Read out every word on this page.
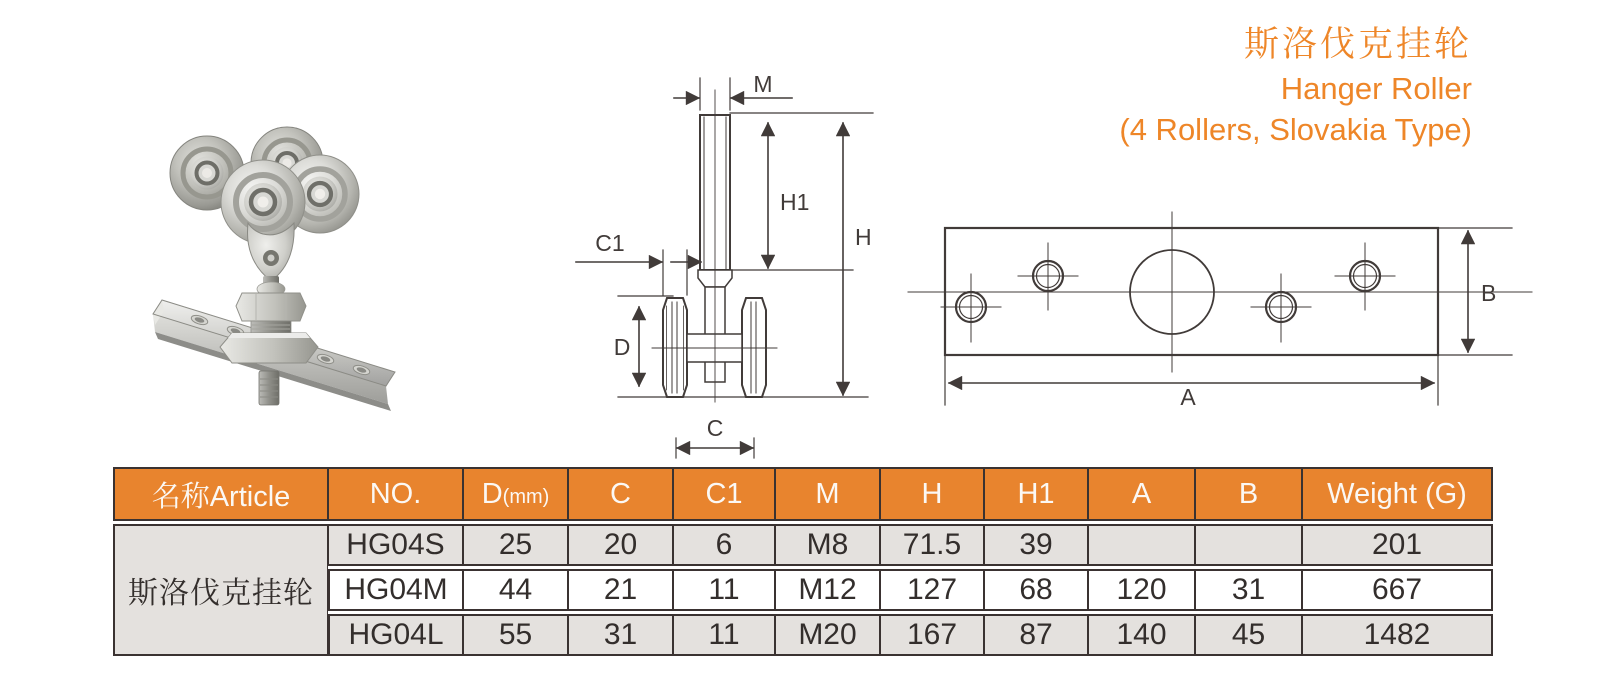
斯洛伐克挂轮
Hanger Roller
(4 Rollers, Slovakia Type)
M
H1
H
C1
D
C
B
A
名称Article	NO.	D(mm)	C	C1	M	H	H1	A	B	Weight (G)
斯洛伐克挂轮	HG04S	25	20	6	M8	71.5	39			201
	HG04M	44	21	11	M12	127	68	120	31	667
	HG04L	55	31	11	M20	167	87	140	45	1482
